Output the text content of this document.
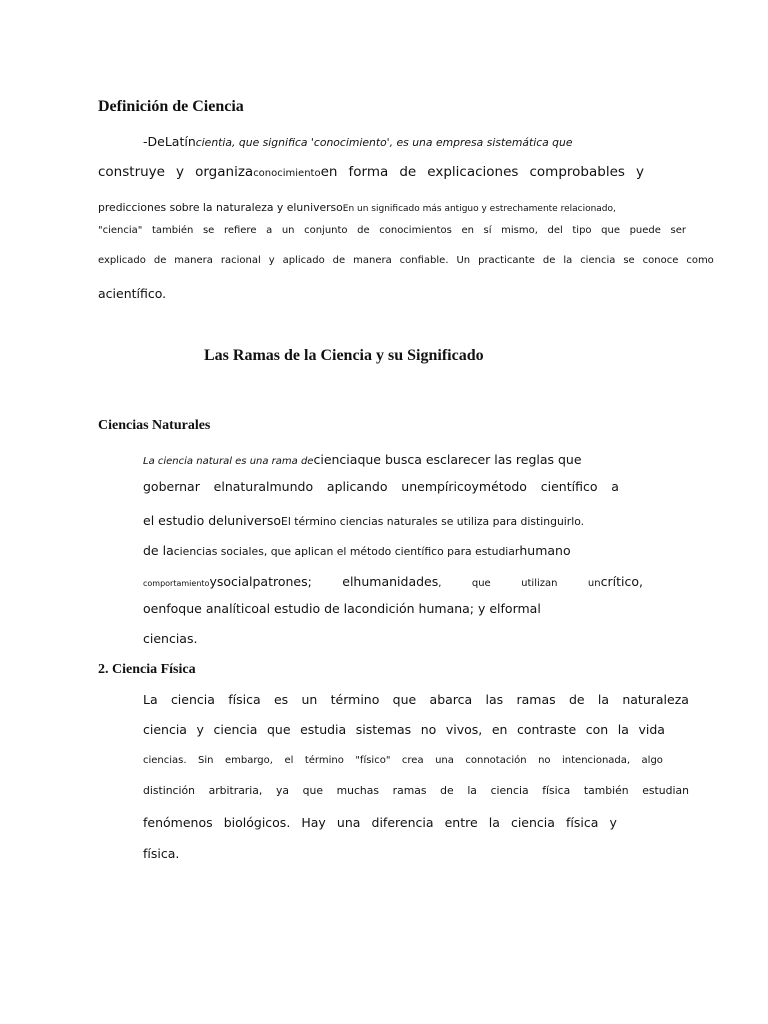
Definición de Ciencia
-DeLatíncientia, que significa 'conocimiento', es una empresa sistemática que
construye y organizaconocimientoen forma de explicaciones comprobables y
predicciones sobre la naturaleza y eluniversoEn un significado más antiguo y estrechamente relacionado,
"ciencia" también se refiere a un conjunto de conocimientos en sí mismo, del tipo que puede ser
explicado de manera racional y aplicado de manera confiable. Un practicante de la ciencia se conoce como
acientífico.
Las Ramas de la Ciencia y su Significado
Ciencias Naturales
La ciencia natural es una rama decienciaque busca esclarecer las reglas que
gobernar elnaturalmundo aplicando unempíricoymétodo científico a
el estudio deluniversoEl término ciencias naturales se utiliza para distinguirlo.
de laciencias sociales, que aplican el método científico para estudiarhumano
comportamientoysocialpatrones; elhumanidades,	que	utilizan	uncrítico,
oenfoque analíticoal estudio de lacondición humana; y elformal
ciencias.
2. Ciencia Física
La ciencia física es un término que abarca las ramas de la naturaleza
ciencia y ciencia que estudia sistemas no vivos, en contraste con la vida
ciencias. Sin embargo, el término "físico" crea una connotación no intencionada, algo
distinción arbitraria, ya que muchas ramas de la ciencia física también estudian
fenómenos biológicos. Hay una diferencia entre la ciencia física y
física.
